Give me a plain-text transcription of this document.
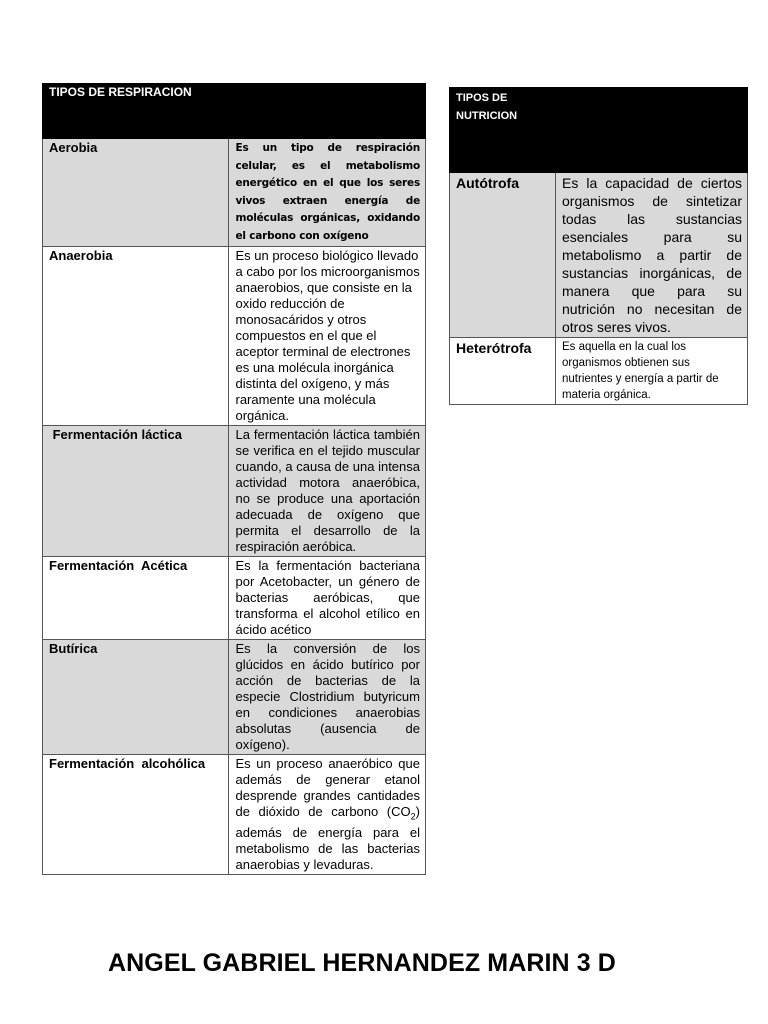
TIPOS DE RESPIRACION	
Aerobia	Es un tipo de respiración celular, es el metabolismo energético en el que los seres vivos extraen energía de moléculas orgánicas, oxidando el carbono con oxígeno
Anaerobia	Es un proceso biológico llevado a cabo por los microorganismos anaerobios, que consiste en la oxido reducción de monosacáridos y otros compuestos en el que el aceptor terminal de electrones es una molécula inorgánica distinta del oxígeno, y más raramente una molécula orgánica.
Fermentación láctica	La fermentación láctica también se verifica en el tejido muscular cuando, a causa de una intensa actividad motora anaeróbica, no se produce una aportación adecuada de oxígeno que permita el desarrollo de la respiración aeróbica.
Fermentación  Acética	Es la fermentación bacteriana por Acetobacter, un género de bacterias aeróbicas, que transforma el alcohol etílico en ácido acético
Butírica	Es la conversión de los glúcidos en ácido butírico por acción de bacterias de la especie Clostridium butyricum en condiciones anaerobias absolutas (ausencia de oxígeno).
Fermentación  alcohólica	Es un proceso anaeróbico que además de generar etanol desprende grandes cantidades de dióxido de carbono $(CO_2)$ además de energía para el metabolismo de las bacterias anaerobias y levaduras.
TIPOS DE
NUTRICION	

Autótrofa	Es la capacidad de ciertos organismos de sintetizar todas las sustancias esenciales para su metabolismo a partir de sustancias inorgánicas, de manera que para su nutrición no necesitan de otros seres vivos.
Heterótrofa	Es aquella en la cual los organismos obtienen sus nutrientes y energía a partir de materia orgánica.

ANGEL GABRIEL HERNANDEZ MARIN 3 D
